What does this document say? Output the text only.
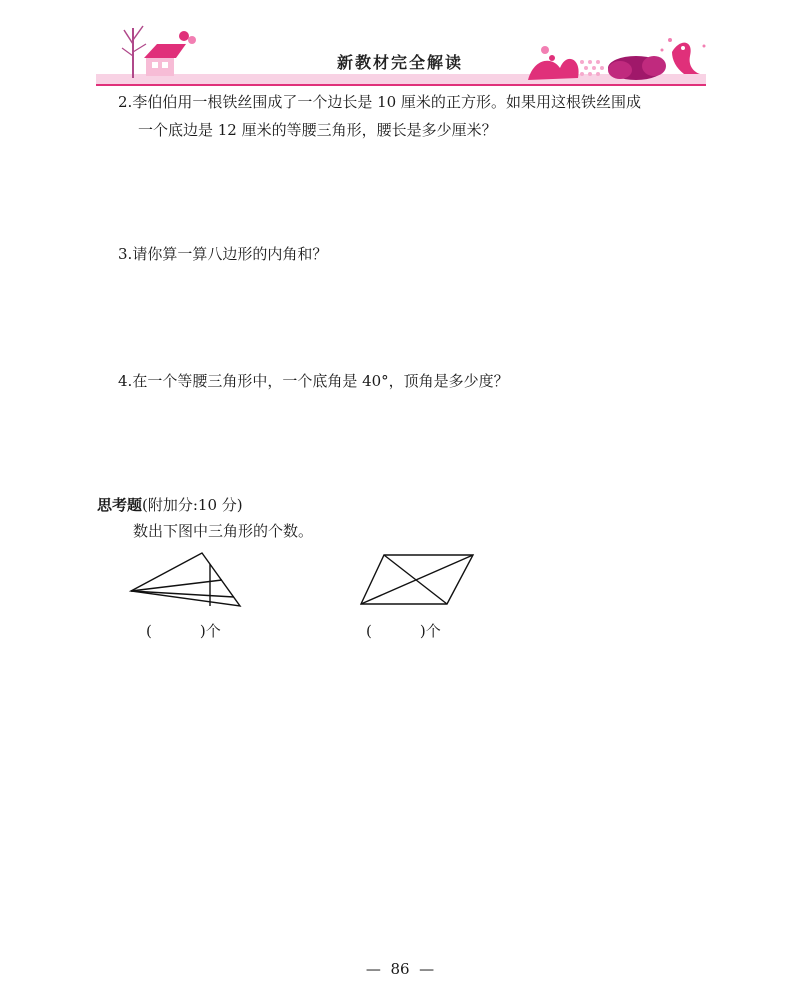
新教材完全解读
2.李伯伯用一根铁丝围成了一个边长是 10 厘米的正方形。如果用这根铁丝围成
一个底边是 12 厘米的等腰三角形，腰长是多少厘米？
3.请你算一算八边形的内角和？
4.在一个等腰三角形中，一个底角是 40°，顶角是多少度？
思考题(附加分:10 分)
数出下图中三角形的个数。
(	)个	(	)个
— 86 —
